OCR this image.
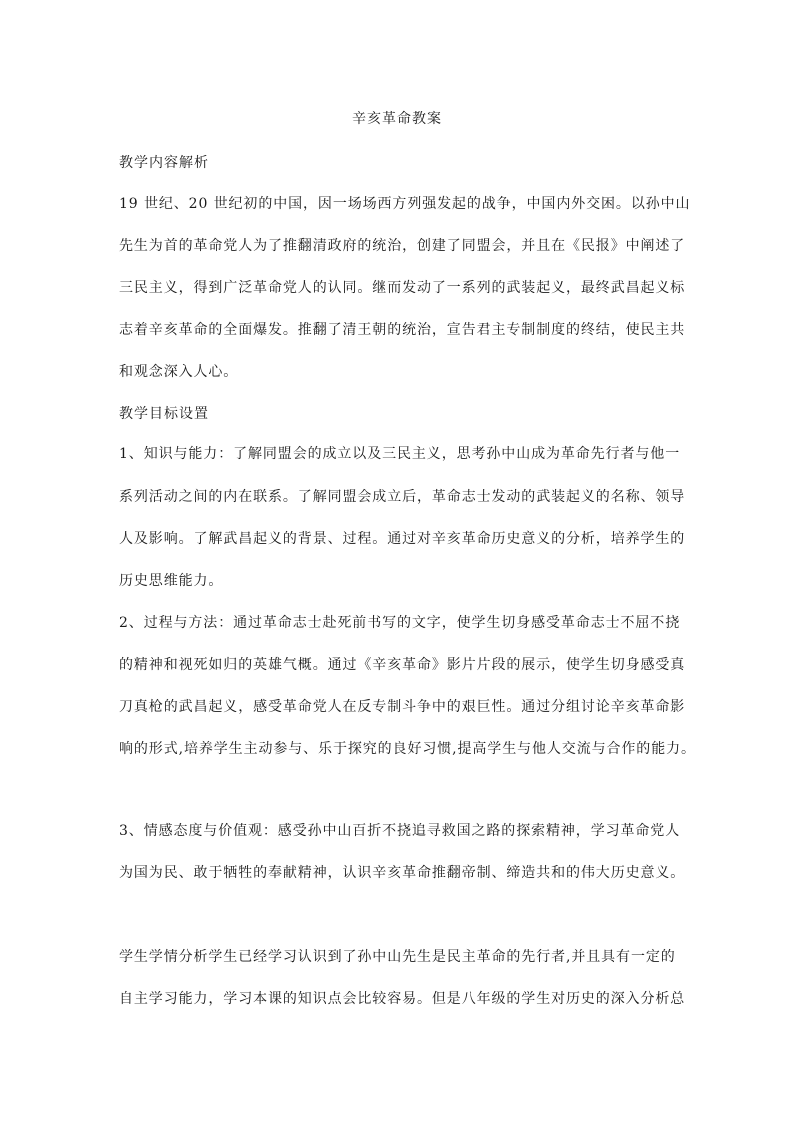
辛亥革命教案
教学内容解析
19 世纪、20 世纪初的中国，因一场场西方列强发起的战争，中国内外交困。以孙中山
先生为首的革命党人为了推翻清政府的统治，创建了同盟会，并且在《民报》中阐述了
三民主义，得到广泛革命党人的认同。继而发动了一系列的武装起义，最终武昌起义标
志着辛亥革命的全面爆发。推翻了清王朝的统治，宣告君主专制制度的终结，使民主共
和观念深入人心。
教学目标设置
1、知识与能力：了解同盟会的成立以及三民主义，思考孙中山成为革命先行者与他一
系列活动之间的内在联系。了解同盟会成立后，革命志士发动的武装起义的名称、领导
人及影响。了解武昌起义的背景、过程。通过对辛亥革命历史意义的分析，培养学生的
历史思维能力。
2、过程与方法：通过革命志士赴死前书写的文字，使学生切身感受革命志士不屈不挠
的精神和视死如归的英雄气概。通过《辛亥革命》影片片段的展示，使学生切身感受真
刀真枪的武昌起义，感受革命党人在反专制斗争中的艰巨性。通过分组讨论辛亥革命影
响的形式,培养学生主动参与、乐于探究的良好习惯,提高学生与他人交流与合作的能力。
3、情感态度与价值观：感受孙中山百折不挠追寻救国之路的探索精神，学习革命党人
为国为民、敢于牺牲的奉献精神，认识辛亥革命推翻帝制、缔造共和的伟大历史意义。
学生学情分析学生已经学习认识到了孙中山先生是民主革命的先行者,并且具有一定的
自主学习能力，学习本课的知识点会比较容易。但是八年级的学生对历史的深入分析总
